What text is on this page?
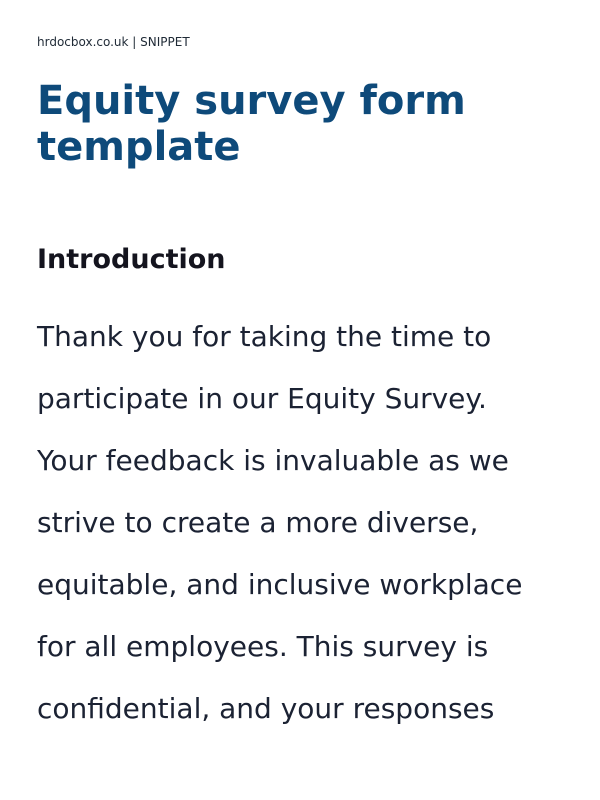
hrdocbox.co.uk | SNIPPET
Equity survey form template
Introduction

Thank you for taking the time to
participate in our Equity Survey.
Your feedback is invaluable as we
strive to create a more diverse,
equitable, and inclusive workplace
for all employees. This survey is
confidential, and your responses
